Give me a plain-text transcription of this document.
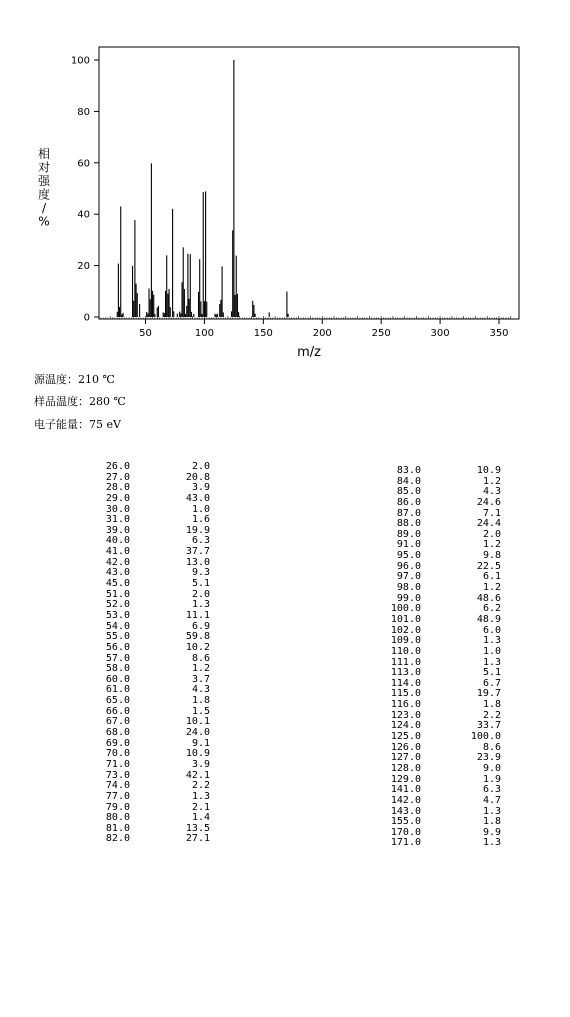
50	100	150	200	250	300	350
0
20
40
60
80
100
m/z
相对强度/ %
源温度：210 ℃
样品温度：280 ℃
电子能量：75 eV
26.0	2.0
27.0	20.8
28.0	3.9
29.0	43.0
30.0	1.0
31.0	1.6
39.0	19.9
40.0	6.3
41.0	37.7
42.0	13.0
43.0	9.3
45.0	5.1
51.0	2.0
52.0	1.3
53.0	11.1
54.0	6.9
55.0	59.8
56.0	10.2
57.0	8.6
58.0	1.2
60.0	3.7
61.0	4.3
65.0	1.8
66.0	1.5
67.0	10.1
68.0	24.0
69.0	9.1
70.0	10.9
71.0	3.9
73.0	42.1
74.0	2.2
77.0	1.3
79.0	2.1
80.0	1.4
81.0	13.5
82.0	27.1
83.0	10.9
84.0	1.2
85.0	4.3
86.0	24.6
87.0	7.1
88.0	24.4
89.0	2.0
91.0	1.2
95.0	9.8
96.0	22.5
97.0	6.1
98.0	1.2
99.0	48.6
100.0	6.2
101.0	48.9
102.0	6.0
109.0	1.3
110.0	1.0
111.0	1.3
113.0	5.1
114.0	6.7
115.0	19.7
116.0	1.8
123.0	2.2
124.0	33.7
125.0	100.0
126.0	8.6
127.0	23.9
128.0	9.0
129.0	1.9
141.0	6.3
142.0	4.7
143.0	1.3
155.0	1.8
170.0	9.9
171.0	1.3
